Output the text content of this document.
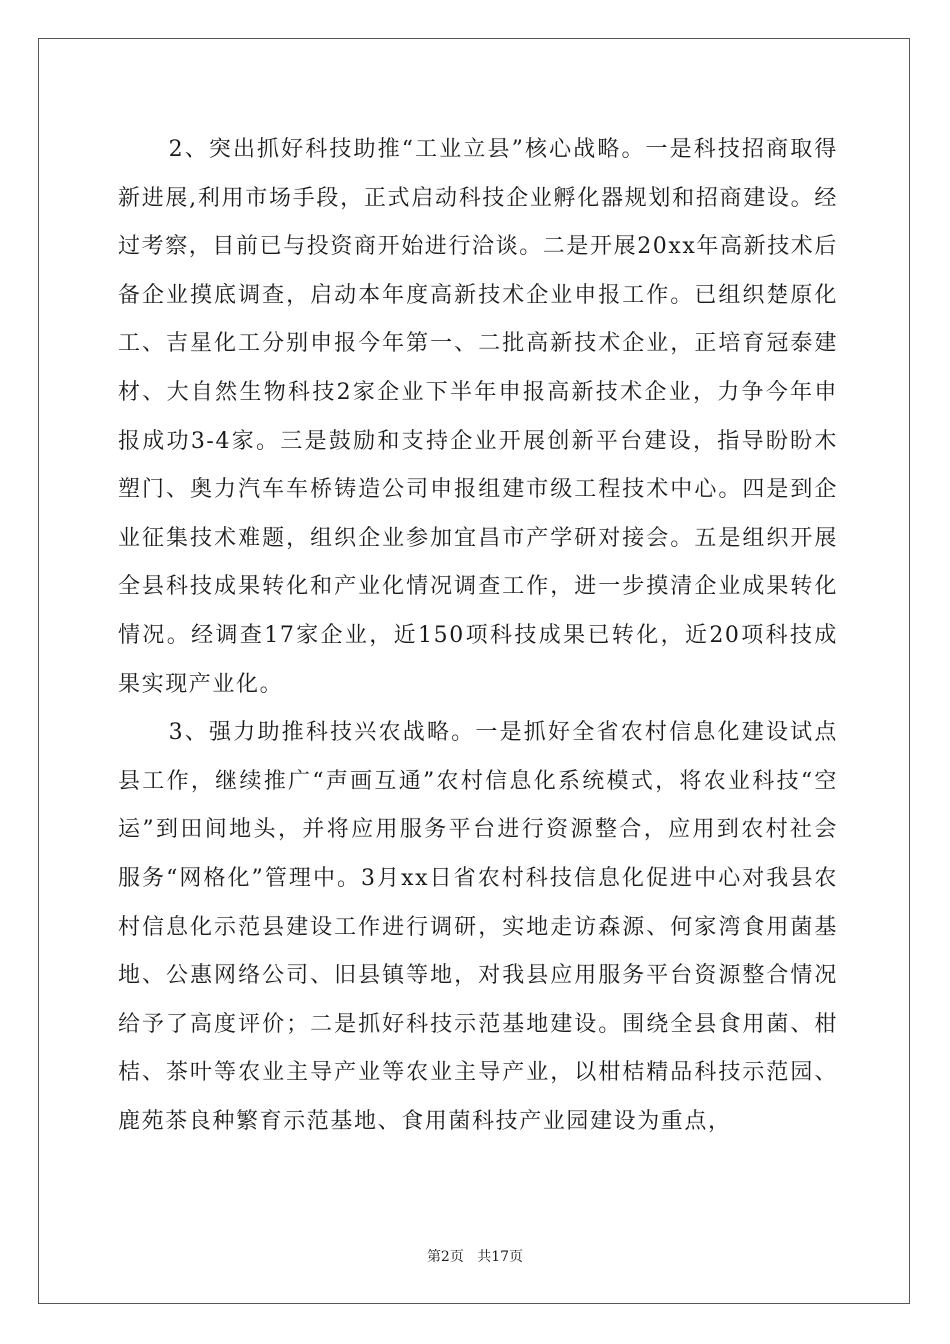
2、突出抓好科技助推“工业立县”核心战略。一是科技招商取得新进展,利用市场手段，正式启动科技企业孵化器规划和招商建设。经过考察，目前已与投资商开始进行洽谈。二是开展20xx年高新技术后备企业摸底调查，启动本年度高新技术企业申报工作。已组织楚原化工、吉星化工分别申报今年第一、二批高新技术企业，正培育冠泰建材、大自然生物科技2家企业下半年申报高新技术企业，力争今年申报成功3-4家。三是鼓励和支持企业开展创新平台建设，指导盼盼木塑门、奥力汽车车桥铸造公司申报组建市级工程技术中心。四是到企业征集技术难题，组织企业参加宜昌市产学研对接会。五是组织开展全县科技成果转化和产业化情况调查工作，进一步摸清企业成果转化情况。经调查17家企业，近150项科技成果已转化，近20项科技成果实现产业化。

3、强力助推科技兴农战略。一是抓好全省农村信息化建设试点县工作，继续推广“声画互通”农村信息化系统模式，将农业科技“空运”到田间地头，并将应用服务平台进行资源整合，应用到农村社会服务“网格化”管理中。3月xx日省农村科技信息化促进中心对我县农村信息化示范县建设工作进行调研，实地走访森源、何家湾食用菌基地、公惠网络公司、旧县镇等地，对我县应用服务平台资源整合情况给予了高度评价；二是抓好科技示范基地建设。围绕全县食用菌、柑桔、茶叶等农业主导产业等农业主导产业，以柑桔精品科技示范园、鹿苑茶良种繁育示范基地、食用菌科技产业园建设为重点，

第2页 共17页
